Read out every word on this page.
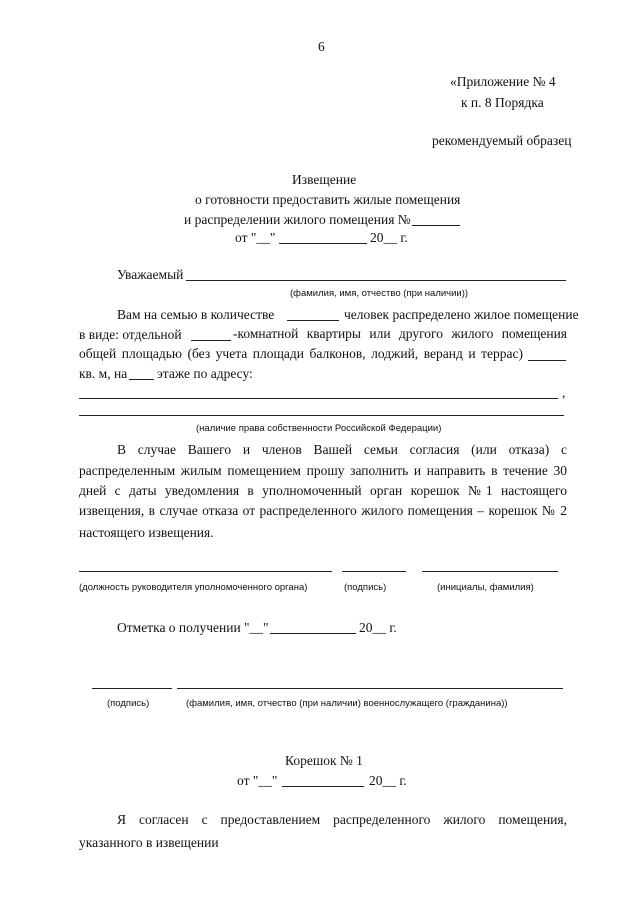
6
«Приложение № 4
к п. 8 Порядка
рекомендуемый образец
Извещение
о готовности предоставить жилые помещения
и распределении жилого помещения №
от "__"	20__ г.
Уважаемый
(фамилия, имя, отчество (при наличии))
Вам на семью в количестве	человек распределено жилое помещение
в виде: отдельной	-комнатной квартиры или другого жилого помещения
общей площадью (без учета площади балконов, лоджий, веранд и террас)
кв. м, на этаже по адресу:
,
(наличие права собственности Российской Федерации)
В случае Вашего и членов Вашей семьи согласия (или отказа) с
распределенным жилым помещением прошу заполнить и направить в течение 30
дней с даты уведомления в уполномоченный орган корешок №1 настоящего
извещения, в случае отказа от распределенного жилого помещения – корешок № 2
настоящего извещения.
(должность руководителя уполномоченного органа)	(подпись)	(инициалы, фамилия)
Отметка о получении "__"	20__ г.
(подпись)	(фамилия, имя, отчество (при наличии) военнослужащего (гражданина))
Корешок № 1
от "__"	20__ г.
Я согласен с предоставлением распределенного жилого помещения,
указанного в извещении
